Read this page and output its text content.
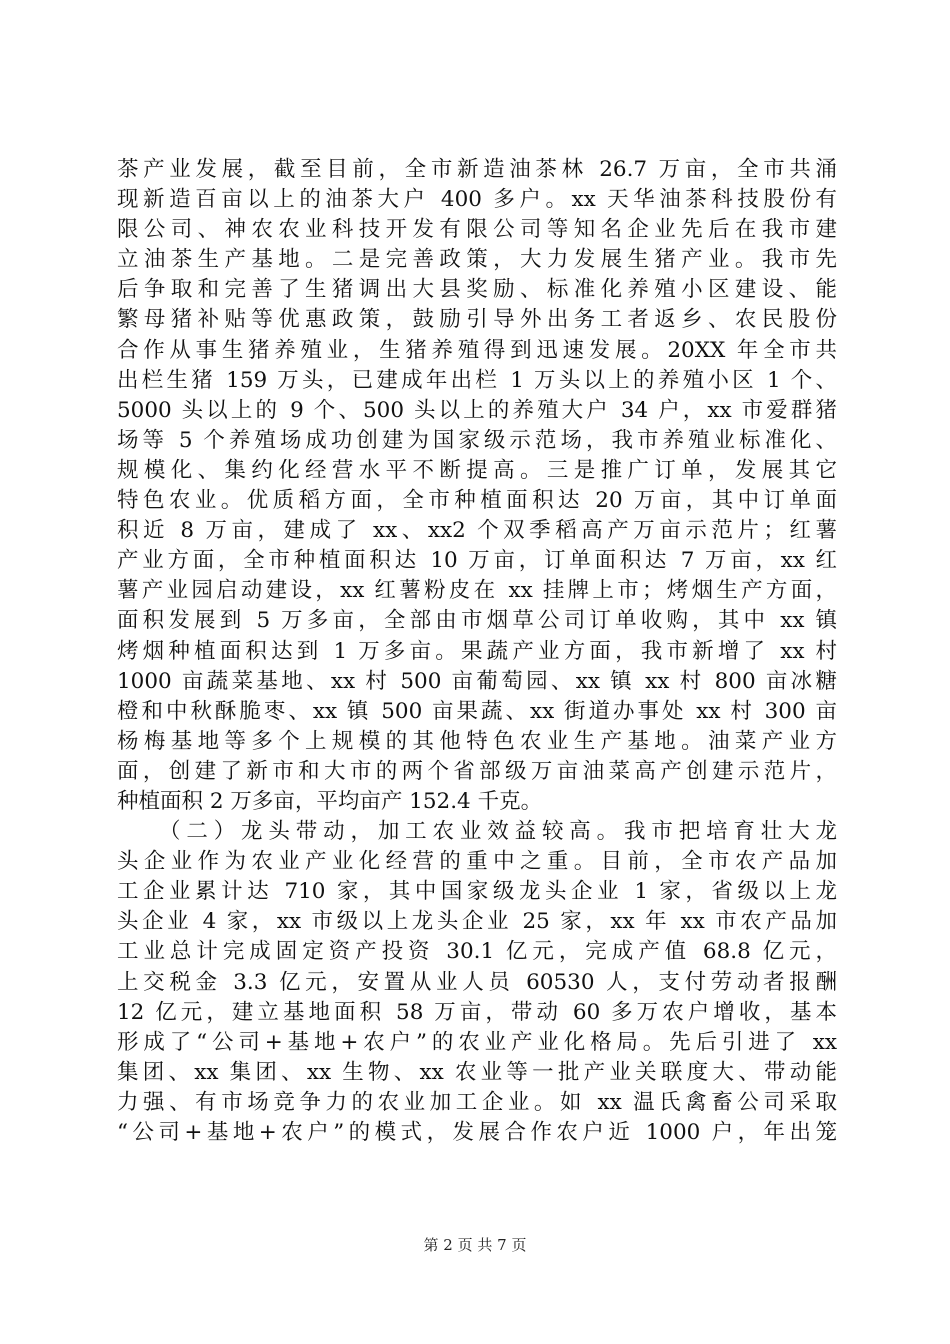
茶产业发展，截至目前，全市新造油茶林 26.7 万亩，全市共涌
现新造百亩以上的油茶大户 400 多户。xx 天华油茶科技股份有
限公司、神农农业科技开发有限公司等知名企业先后在我市建
立油茶生产基地。二是完善政策，大力发展生猪产业。我市先
后争取和完善了生猪调出大县奖励、标准化养殖小区建设、能
繁母猪补贴等优惠政策，鼓励引导外出务工者返乡、农民股份
合作从事生猪养殖业，生猪养殖得到迅速发展。20XX 年全市共
出栏生猪 159 万头，已建成年出栏 1 万头以上的养殖小区 1 个、
5000 头以上的 9 个、500 头以上的养殖大户 34 户，xx 市爱群猪
场等 5 个养殖场成功创建为国家级示范场，我市养殖业标准化、
规模化、集约化经营水平不断提高。三是推广订单，发展其它
特色农业。优质稻方面，全市种植面积达 20 万亩，其中订单面
积近 8 万亩，建成了 xx、xx2 个双季稻高产万亩示范片；红薯
产业方面，全市种植面积达 10 万亩，订单面积达 7 万亩，xx 红
薯产业园启动建设，xx 红薯粉皮在 xx 挂牌上市；烤烟生产方面，
面积发展到 5 万多亩，全部由市烟草公司订单收购，其中 xx 镇
烤烟种植面积达到 1 万多亩。果蔬产业方面，我市新增了 xx 村
1000 亩蔬菜基地、xx 村 500 亩葡萄园、xx 镇 xx 村 800 亩冰糖
橙和中秋酥脆枣、xx 镇 500 亩果蔬、xx 街道办事处 xx 村 300 亩
杨梅基地等多个上规模的其他特色农业生产基地。油菜产业方
面，创建了新市和大市的两个省部级万亩油菜高产创建示范片，
种植面积 2 万多亩，平均亩产 152.4 千克。
（二）龙头带动，加工农业效益较高。我市把培育壮大龙
头企业作为农业产业化经营的重中之重。目前，全市农产品加
工企业累计达 710 家，其中国家级龙头企业 1 家，省级以上龙
头企业 4 家，xx 市级以上龙头企业 25 家，xx 年 xx 市农产品加
工业总计完成固定资产投资 30.1 亿元，完成产值 68.8 亿元，
上交税金 3.3 亿元，安置从业人员 60530 人，支付劳动者报酬
12 亿元，建立基地面积 58 万亩，带动 60 多万农户增收，基本
形成了“公司+基地+农户”的农业产业化格局。先后引进了 xx
集团、xx 集团、xx 生物、xx 农业等一批产业关联度大、带动能
力强、有市场竞争力的农业加工企业。如 xx 温氏禽畜公司采取
“公司+基地+农户”的模式，发展合作农户近 1000 户，年出笼
第 2 页 共 7 页
